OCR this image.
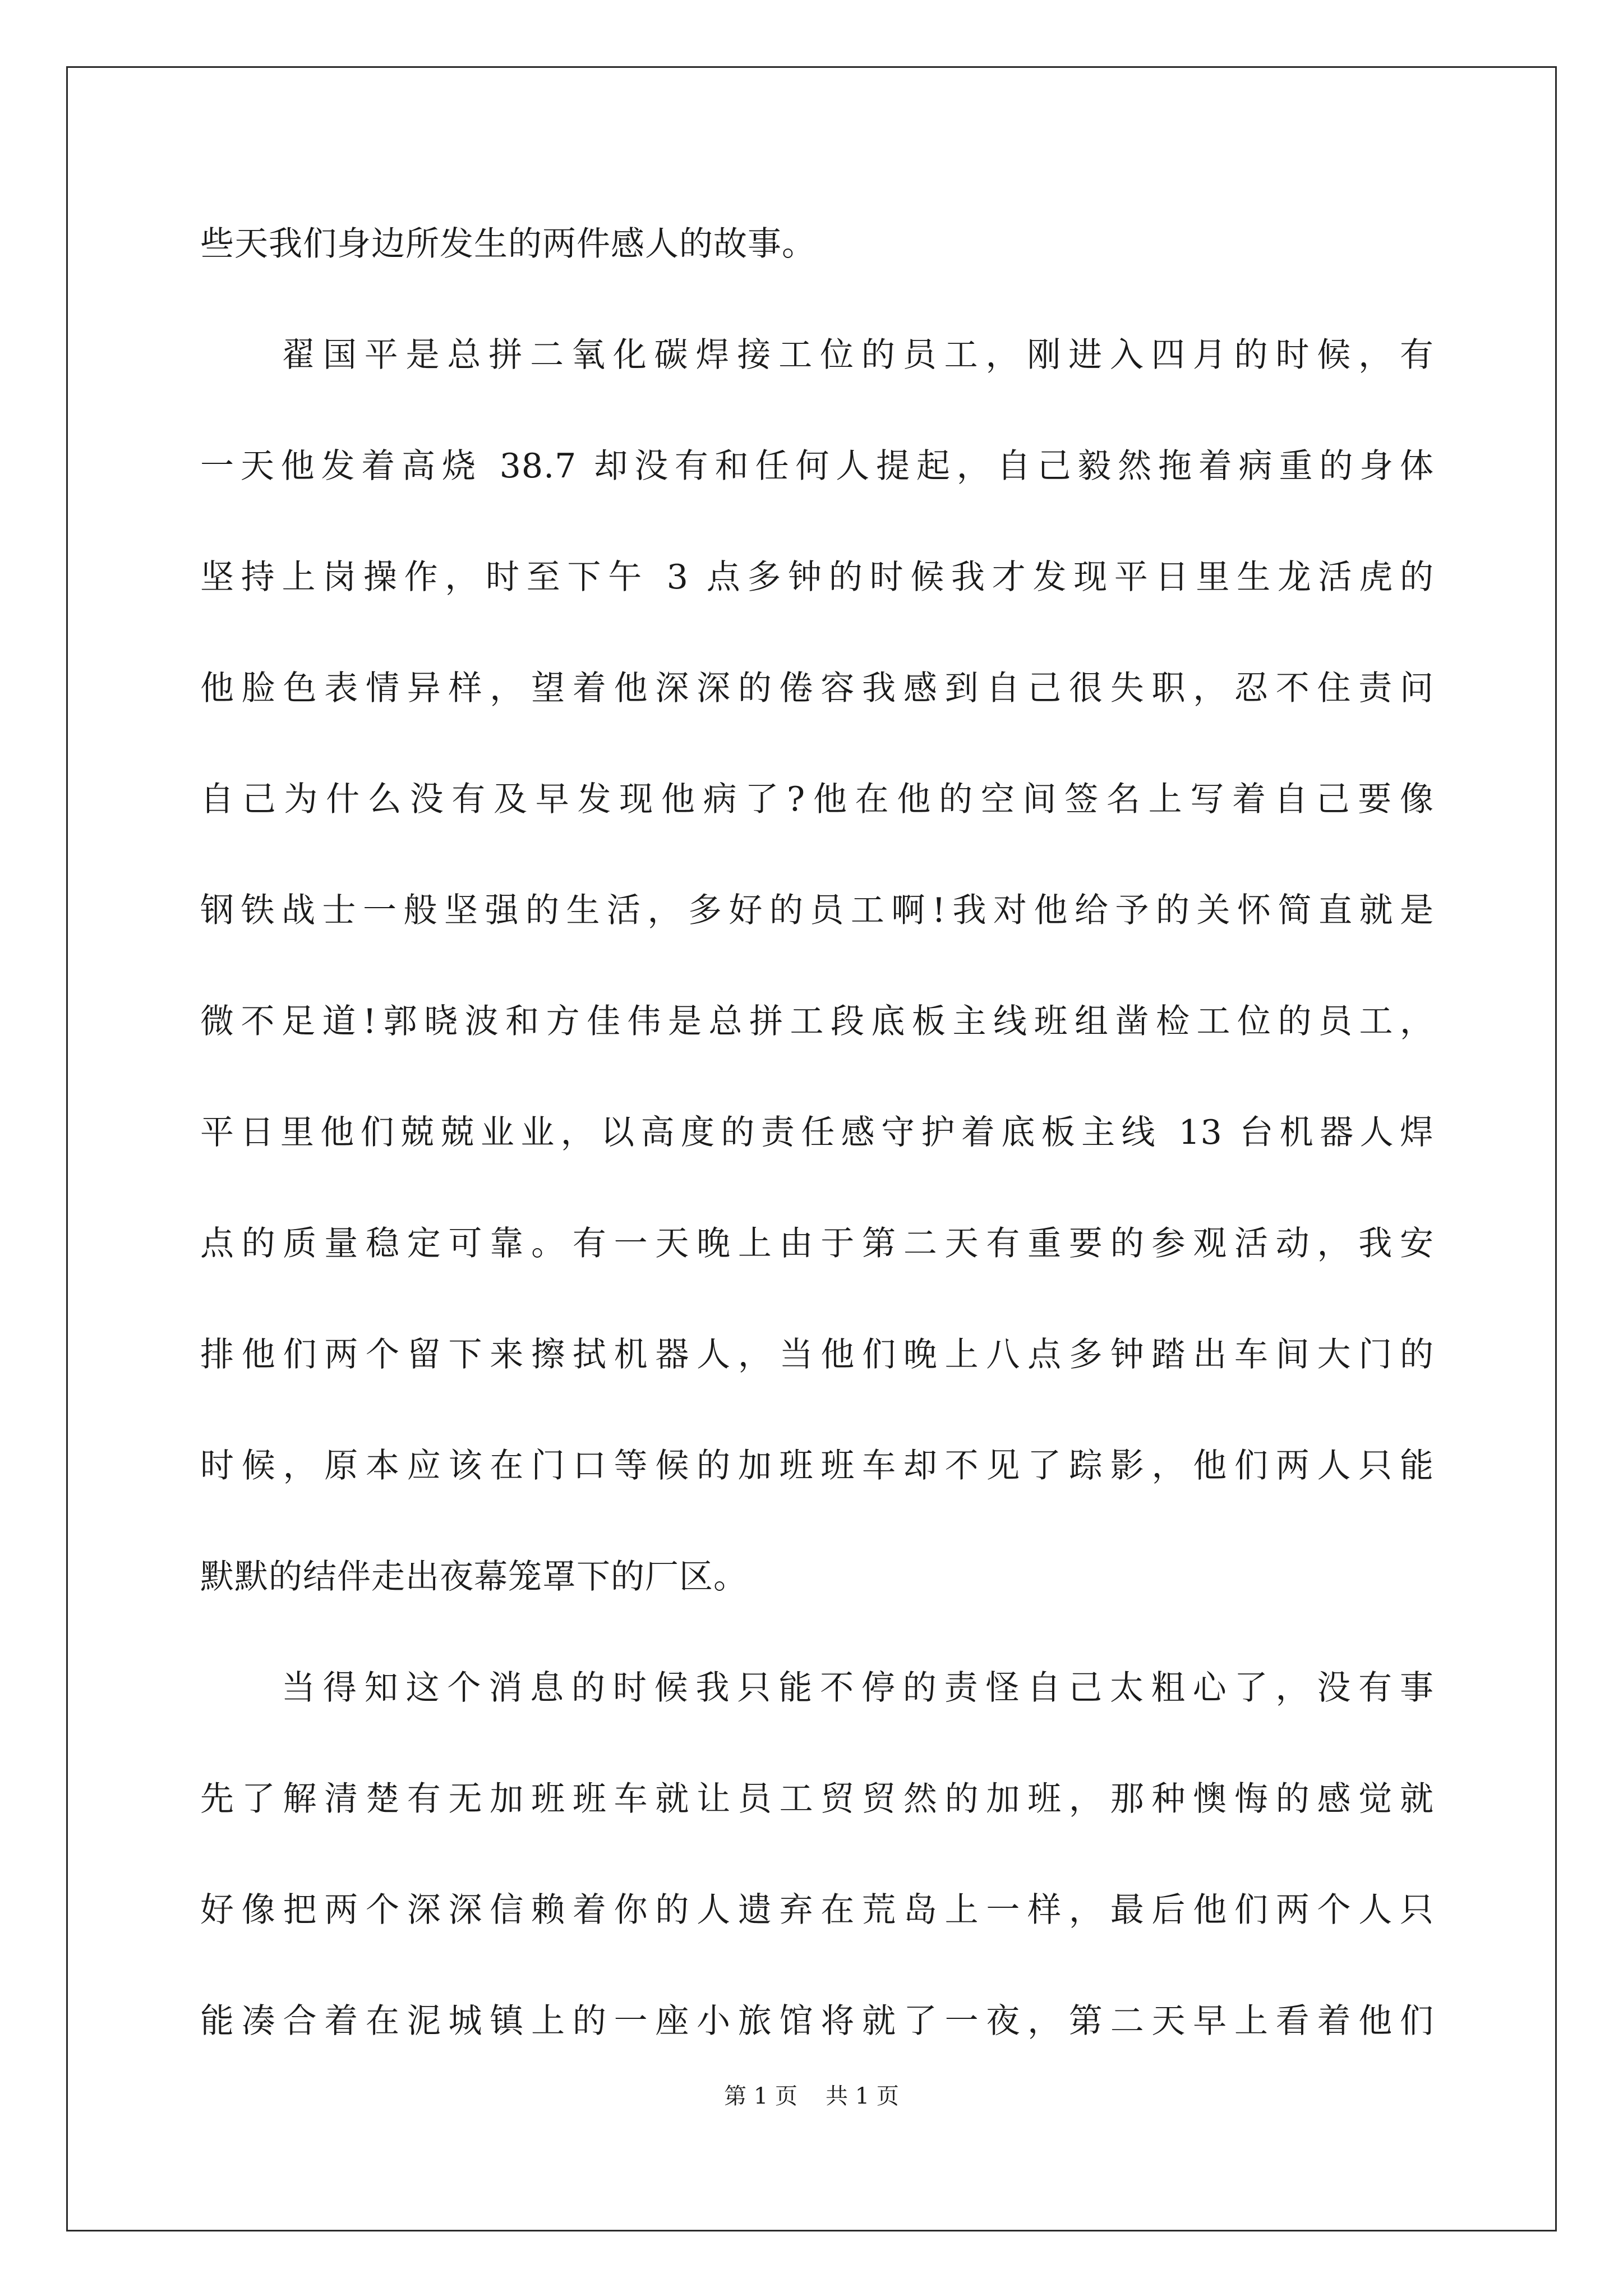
些天我们身边所发生的两件感人的故事。
翟国平是总拼二氧化碳焊接工位的员工，刚进入四月的时候，有
一天他发着高烧 38.7 却没有和任何人提起，自己毅然拖着病重的身体
坚持上岗操作，时至下午 3 点多钟的时候我才发现平日里生龙活虎的
他脸色表情异样，望着他深深的倦容我感到自己很失职，忍不住责问
自己为什么没有及早发现他病了?他在他的空间签名上写着自己要像
钢铁战士一般坚强的生活，多好的员工啊!我对他给予的关怀简直就是
微不足道!郭晓波和方佳伟是总拼工段底板主线班组凿检工位的员工，
平日里他们兢兢业业，以高度的责任感守护着底板主线 13 台机器人焊
点的质量稳定可靠。有一天晚上由于第二天有重要的参观活动，我安
排他们两个留下来擦拭机器人，当他们晚上八点多钟踏出车间大门的
时候，原本应该在门口等候的加班班车却不见了踪影，他们两人只能
默默的结伴走出夜幕笼罩下的厂区。
当得知这个消息的时候我只能不停的责怪自己太粗心了，没有事
先了解清楚有无加班班车就让员工贸贸然的加班，那种懊悔的感觉就
好像把两个深深信赖着你的人遗弃在荒岛上一样，最后他们两个人只
能凑合着在泥城镇上的一座小旅馆将就了一夜，第二天早上看着他们
第 1 页 共 1 页
